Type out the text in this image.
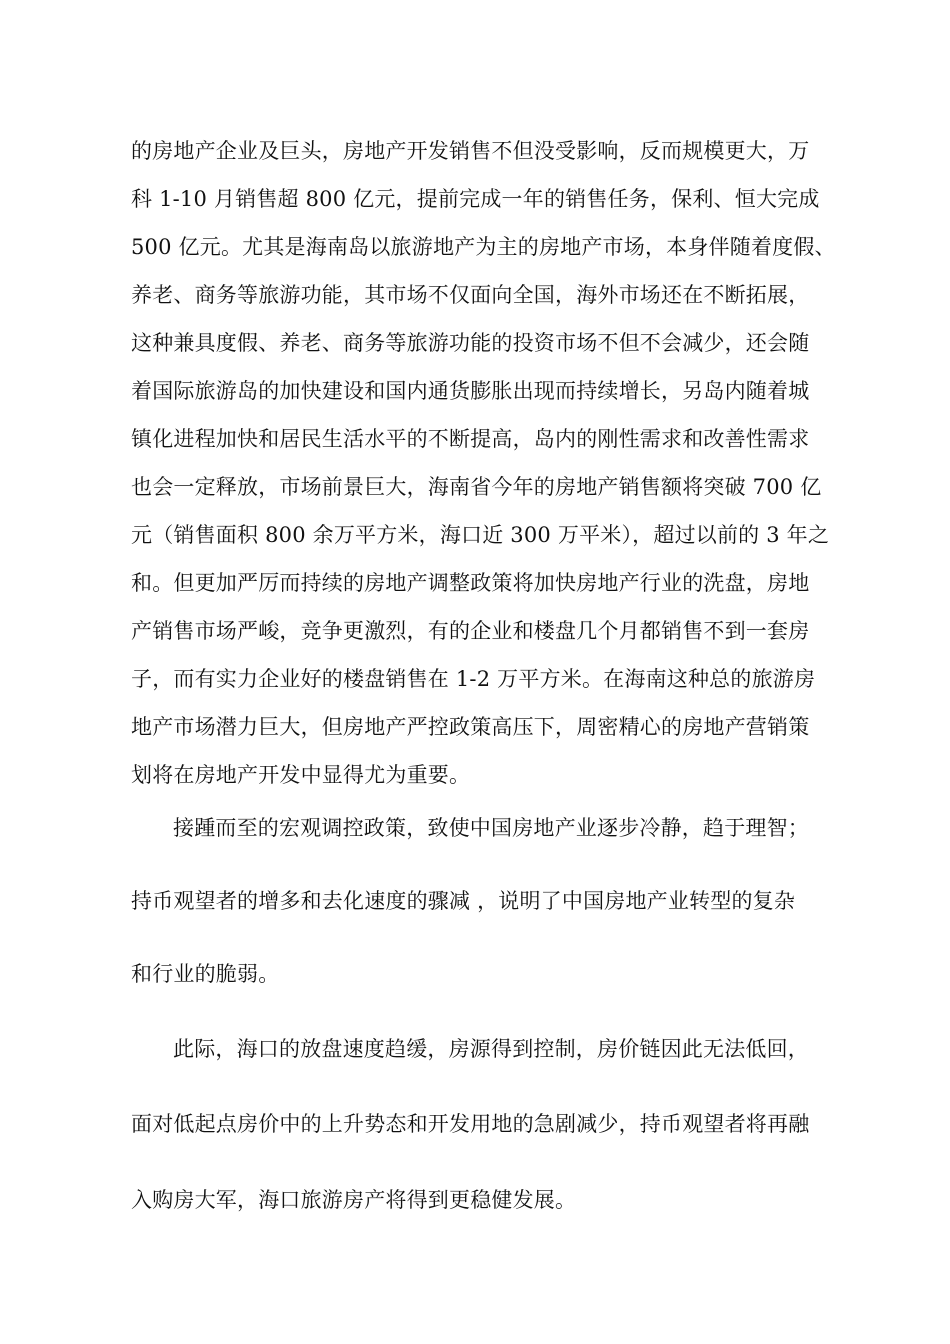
的房地产企业及巨头，房地产开发销售不但没受影响，反而规模更大，万
科 1-10 月销售超 800 亿元，提前完成一年的销售任务，保利、恒大完成
500 亿元。尤其是海南岛以旅游地产为主的房地产市场，本身伴随着度假、
养老、商务等旅游功能，其市场不仅面向全国，海外市场还在不断拓展，
这种兼具度假、养老、商务等旅游功能的投资市场不但不会减少，还会随
着国际旅游岛的加快建设和国内通货膨胀出现而持续增长，另岛内随着城
镇化进程加快和居民生活水平的不断提高，岛内的刚性需求和改善性需求
也会一定释放，市场前景巨大，海南省今年的房地产销售额将突破 700 亿
元（销售面积 800 余万平方米，海口近 300 万平米），超过以前的 3 年之
和。但更加严厉而持续的房地产调整政策将加快房地产行业的洗盘，房地
产销售市场严峻，竞争更激烈，有的企业和楼盘几个月都销售不到一套房
子，而有实力企业好的楼盘销售在 1-2 万平方米。在海南这种总的旅游房
地产市场潜力巨大，但房地产严控政策高压下，周密精心的房地产营销策
划将在房地产开发中显得尤为重要。
接踵而至的宏观调控政策，致使中国房地产业逐步冷静，趋于理智；
持币观望者的增多和去化速度的骤减 ，说明了中国房地产业转型的复杂
和行业的脆弱。
此际，海口的放盘速度趋缓，房源得到控制，房价链因此无法低回，
面对低起点房价中的上升势态和开发用地的急剧减少，持币观望者将再融
入购房大军，海口旅游房产将得到更稳健发展。
